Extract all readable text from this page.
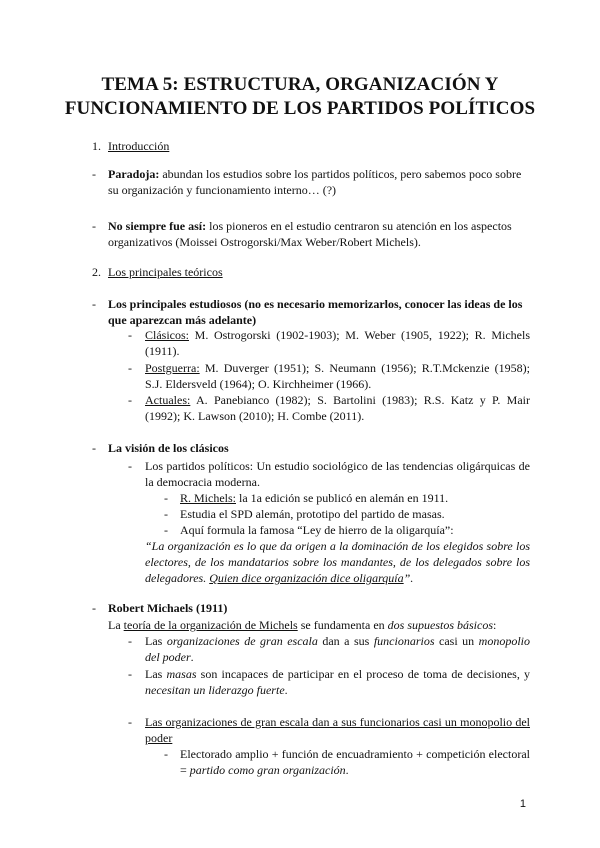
TEMA 5: ESTRUCTURA, ORGANIZACIÓN Y
FUNCIONAMIENTO DE LOS PARTIDOS POLÍTICOS
1. Introducción
- Paradoja: abundan los estudios sobre los partidos políticos, pero sabemos poco sobre su organización y funcionamiento interno… (?)
- No siempre fue así: los pioneros en el estudio centraron su atención en los aspectos organizativos (Moissei Ostrogorski/Max Weber/Robert Michels).
2. Los principales teóricos
- Los principales estudiosos (no es necesario memorizarlos, conocer las ideas de los que aparezcan más adelante)
- Clásicos: M. Ostrogorski (1902-1903); M. Weber (1905, 1922); R. Michels (1911).
- Postguerra: M. Duverger (1951); S. Neumann (1956); R.T.Mckenzie (1958); S.J. Eldersveld (1964); O. Kirchheimer (1966).
- Actuales: A. Panebianco (1982); S. Bartolini (1983); R.S. Katz y P. Mair (1992); K. Lawson (2010); H. Combe (2011).
- La visión de los clásicos
- Los partidos políticos: Un estudio sociológico de las tendencias oligárquicas de la democracia moderna.
- R. Michels: la 1a edición se publicó en alemán en 1911.
- Estudia el SPD alemán, prototipo del partido de masas.
- Aquí formula la famosa “Ley de hierro de la oligarquía”:
“La organización es lo que da origen a la dominación de los elegidos sobre los electores, de los mandatarios sobre los mandantes, de los delegados sobre los delegadores. Quien dice organización dice oligarquía”.
- Robert Michaels (1911)
La teoría de la organización de Michels se fundamenta en dos supuestos básicos:
- Las organizaciones de gran escala dan a sus funcionarios casi un monopolio del poder.
- Las masas son incapaces de participar en el proceso de toma de decisiones, y necesitan un liderazgo fuerte.
- Las organizaciones de gran escala dan a sus funcionarios casi un monopolio del poder
- Electorado amplio + función de encuadramiento + competición electoral = partido como gran organización.
1
